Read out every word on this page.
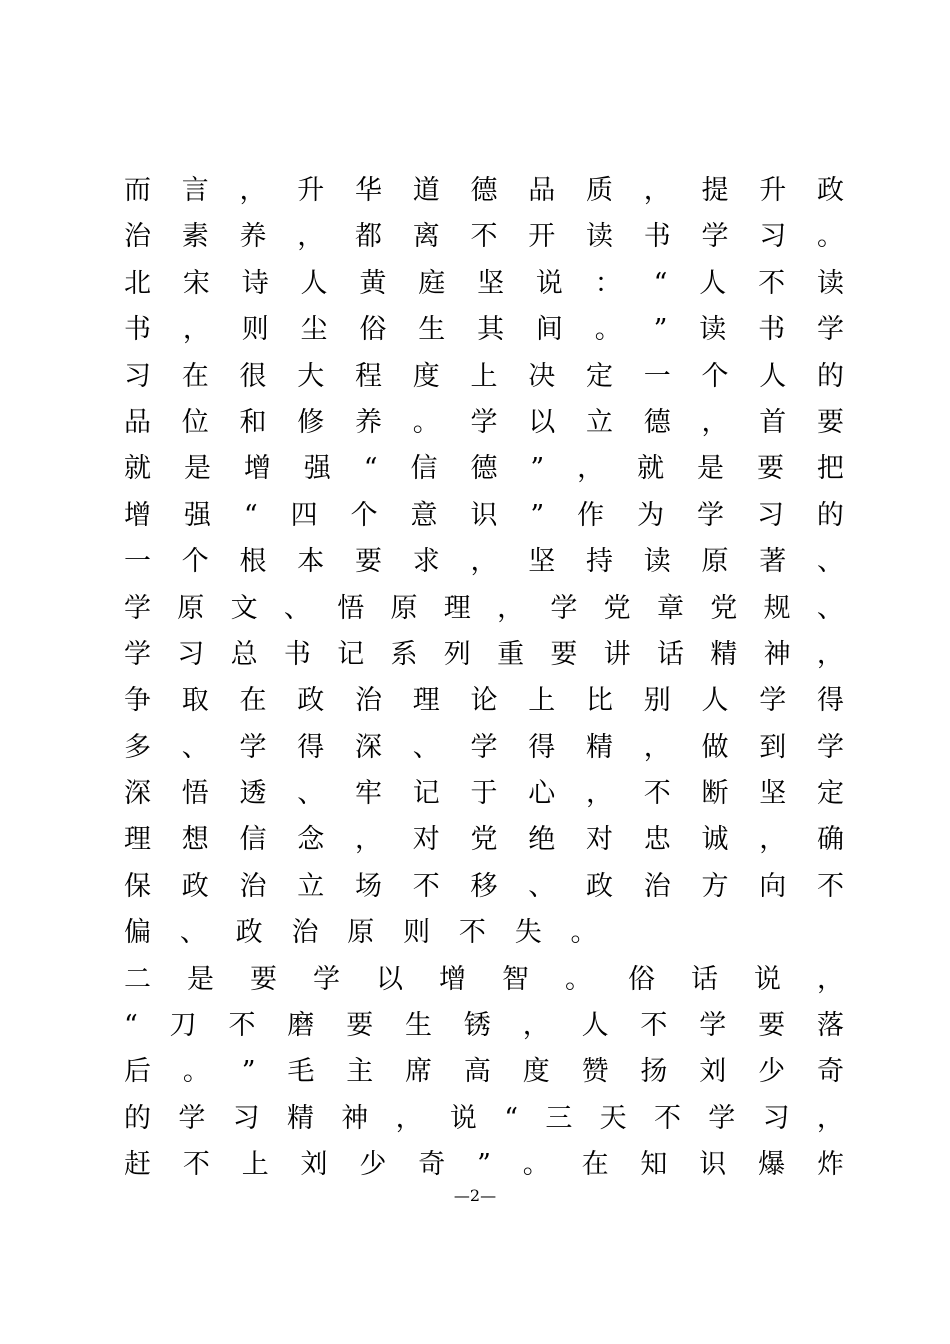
而 言 ， 升 华 道 德 品 质 ， 提 升 政
治 素 养 ， 都 离 不 开 读 书 学 习 。
北 宋 诗 人 黄 庭 坚 说 ： “ 人 不 读
书 ， 则 尘 俗 生 其 间 。 ” 读 书 学
习 在 很 大 程 度 上 决 定 一 个 人 的
品 位 和 修 养 。 学 以 立 德 ， 首 要
就 是 增 强 “ 信 德 ” ， 就 是 要 把
增 强 “ 四 个 意 识 ” 作 为 学 习 的
一 个 根 本 要 求 ， 坚 持 读 原 著 、
学 原 文 、 悟 原 理 ， 学 党 章 党 规 、
学 习 总 书 记 系 列 重 要 讲 话 精 神 ，
争 取 在 政 治 理 论 上 比 别 人 学 得
多 、 学 得 深 、 学 得 精 ， 做 到 学
深 悟 透 、 牢 记 于 心 ， 不 断 坚 定
理 想 信 念 ， 对 党 绝 对 忠 诚 ， 确
保 政 治 立 场 不 移 、 政 治 方 向 不
偏	、	政	治	原	则	不	失	。
二 是 要 学 以 增 智 。 俗 话 说 ，
“ 刀 不 磨 要 生 锈 ， 人 不 学 要 落
后 。 ” 毛 主 席 高 度 赞 扬 刘 少 奇
的 学 习 精 神 ， 说 “ 三 天 不 学 习 ，
赶 不 上 刘 少 奇 ” 。 在 知 识 爆 炸
—2—
